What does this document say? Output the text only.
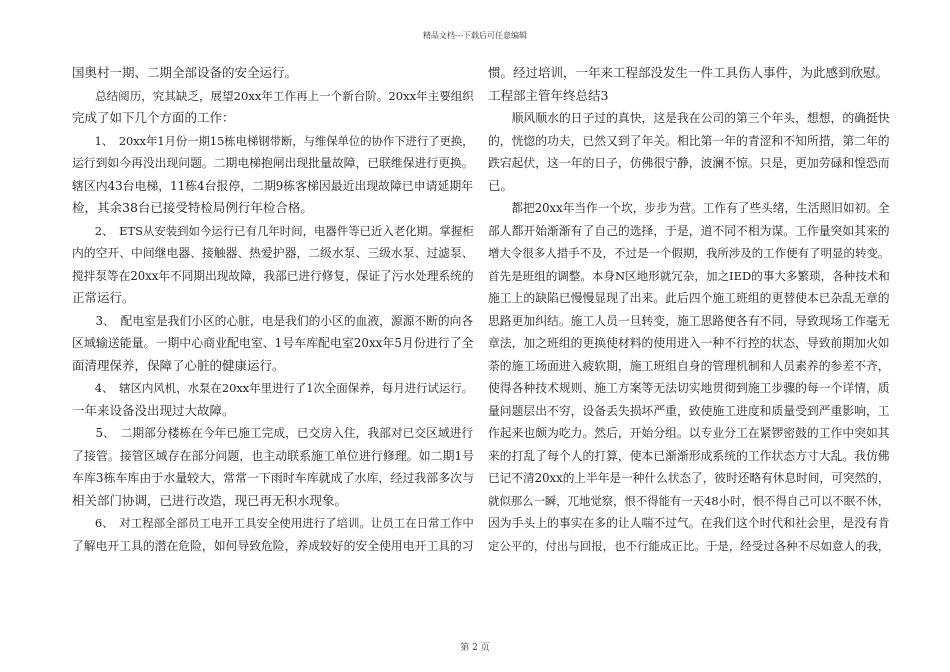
精品文档---下载后可任意编辑

国奥村一期、二期全部设备的安全运行。

　　总结阅历，究其缺乏，展望20xx年工作再上一个新台阶。20xx年主要组织

完成了如下几个方面的工作：

　　1、　20xx年1月份一期15栋电梯钢带断，与维保单位的协作下进行了更换，

运行到如今再没出现问题。二期电梯抱闸出现批量故障，已联维保进行更换。

辖区内43台电梯，11栋4台报停，二期9栋客梯因最近出现故障已申请延期年

检，其余38台已接受特检局例行年检合格。

　　2、　ETS从安装到如今运行已有几年时间，电器件等已近入老化期。掌握柜

内的空开、中间继电器、接触器、热爱护器，二级水泵、三级水泵、过滤泵、

搅拌泵等在20xx年不同期出现故障，我部已进行修复，保证了污水处理系统的

正常运行。

　　3、　配电室是我们小区的心脏，电是我们的小区的血液，源源不断的向各

区域输送能量。一期中心商业配电室、1号车库配电室20xx年5月份进行了全

面清理保养，保障了心脏的健康运行。

　　4、　辖区内风机，水泵在20xx年里进行了1次全面保养，每月进行试运行。

一年来设备没出现过大故障。

　　5、　二期部分楼栋在今年已施工完成，已交房入住，我部对已交区域进行

了接管。接管区域存在部分问题，也主动联系施工单位进行修理。如二期1号

车库3栋车库由于水量较大，常常一下雨时车库就成了水库，经过我部多次与

相关部门协调，已进行改造，现已再无积水现象。

　　6、　对工程部全部员工电开工具安全使用进行了培训。让员工在日常工作中

了解电开工具的潜在危险，如何导致危险，养成较好的安全使用电开工具的习

惯。经过培训，一年来工程部没发生一件工具伤人事件，为此感到欣慰。

工程部主管年终总结3

　　顺风顺水的日子过的真快，这是我在公司的第三个年头，想想，的确挺快

的，恍惚的功夫，已然又到了年关。相比第一年的青涩和不知所措，第二年的

跌宕起伏，这一年的日子，仿佛很宁静，波澜不惊。只是，更加劳碌和惶恐而

已。

　　都把20xx年当作一个坎，步步为营。工作有了些头绪，生活照旧如初。全

部人都开始渐渐有了自己的选择，于是，道不同不相为谋。工作量突如其来的

增大令很多人措手不及，不过是一个假期，我所涉及的工作便有了明显的转变。

首先是班组的调整。本身N区地形就冗杂，加之IED的事大多繁琐，各种技术和

施工上的缺陷已慢慢显现了出来。此后四个施工班组的更替使本已杂乱无章的

思路更加纠结。施工人员一旦转变，施工思路便各有不同，导致现场工作毫无

章法，加之班组的更换使材料的使用进入一种不行控的状态，导致前期加火如

荼的施工场面进入疲软期，施工班组自身的管理机制和人员素养的参差不齐，

使得各种技术规则、施工方案等无法切实地贯彻到施工步骤的每一个详情，质

量问题层出不穷，设备丢失损坏严重，致使施工进度和质量受到严重影响，工

作起来也颇为吃力。然后，开始分组。以专业分工在紧锣密鼓的工作中突如其

来的打乱了每个人的打算，使本已渐渐形成系统的工作状态方寸大乱。我仿佛

已记不清20xx的上半年是一种什么状态了，彼时还略有休息时间，可突然的，

就似那么一瞬，兀地觉察，恨不得能有一天48小时，恨不得自己可以不眠不休，

因为手头上的事实在多的让人喘不过气。在我们这个时代和社会里，是没有肯

定公平的，付出与回报，也不行能成正比。于是，经受过各种不尽如意人的我，

第 2 页
